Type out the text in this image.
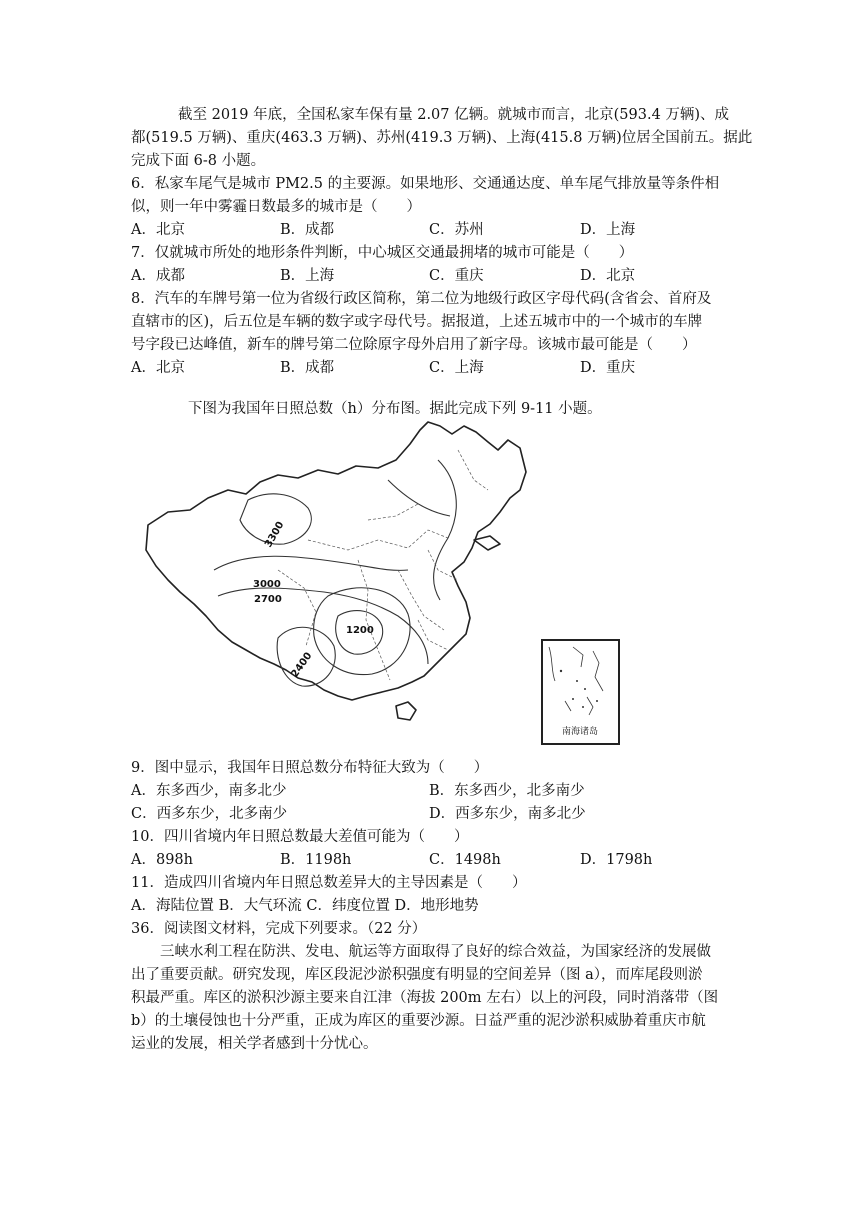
截至 2019 年底，全国私家车保有量 2.07 亿辆。就城市而言，北京(593.4 万辆)、成
都(519.5 万辆)、重庆(463.3 万辆)、苏州(419.3 万辆)、上海(415.8 万辆)位居全国前五。据此
完成下面 6-8 小题。
6．私家车尾气是城市 PM2.5 的主要源。如果地形、交通通达度、单车尾气排放量等条件相
似，则一年中雾霾日数最多的城市是（　　）
A．北京	B．成都	C．苏州	D．上海
7．仅就城市所处的地形条件判断，中心城区交通最拥堵的城市可能是（　　）
A．成都	B．上海	C．重庆	D．北京
8．汽车的车牌号第一位为省级行政区简称，第二位为地级行政区字母代码(含省会、首府及
直辖市的区)，后五位是车辆的数字或字母代号。据报道，上述五城市中的一个城市的车牌
号字段已达峰值，新车的牌号第二位除原字母外启用了新字母。该城市最可能是（　　）
A．北京	B．成都	C．上海	D．重庆
下图为我国年日照总数（h）分布图。据此完成下列 9-11 小题。
3300
3000
2700
1200
2400
南海诸岛
9．图中显示，我国年日照总数分布特征大致为（　　）
A．东多西少，南多北少	B．东多西少，北多南少
C．西多东少，北多南少	D．西多东少，南多北少
10．四川省境内年日照总数最大差值可能为（　　）
A．898h	B．1198h	C．1498h	D．1798h
11．造成四川省境内年日照总数差异大的主导因素是（　　）
A．海陆位置 B．大气环流 C．纬度位置 D．地形地势
36．阅读图文材料，完成下列要求。（22 分）
三峡水利工程在防洪、发电、航运等方面取得了良好的综合效益，为国家经济的发展做
出了重要贡献。研究发现，库区段泥沙淤积强度有明显的空间差异（图 a），而库尾段则淤
积最严重。库区的淤积沙源主要来自江津（海拔 200m 左右）以上的河段，同时消落带（图
b）的土壤侵蚀也十分严重，正成为库区的重要沙源。日益严重的泥沙淤积威胁着重庆市航
运业的发展，相关学者感到十分忧心。
